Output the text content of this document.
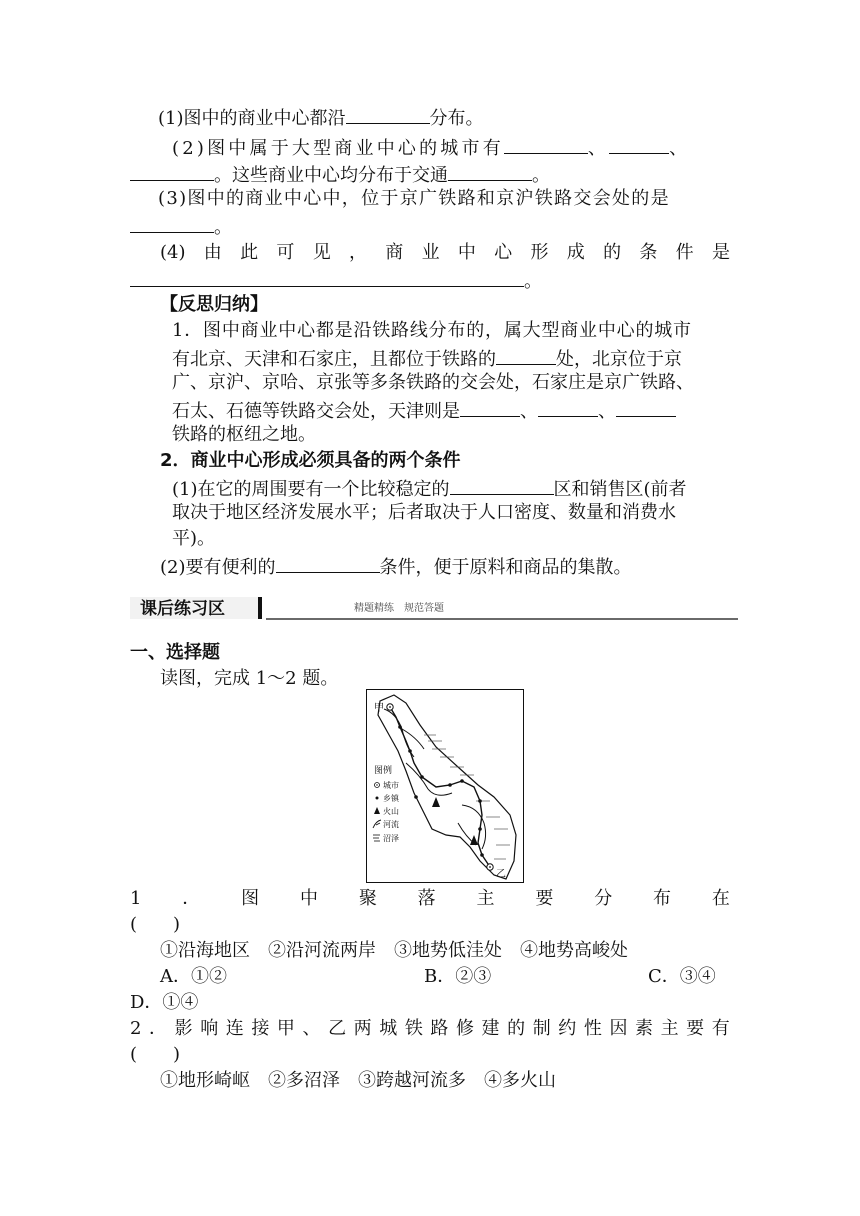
(1)图中的商业中心都沿	分布。
(2)图中属于大型商业中心的城市有	、	、
。这些商业中心均分布于交通	。
(3)图中的商业中心中，位于京广铁路和京沪铁路交会处的是
。
(4) 由 此 可 见 ， 商 业 中 心 形 成 的 条 件 是
。
【反思归纳】
1．图中商业中心都是沿铁路线分布的，属大型商业中心的城市
有北京、天津和石家庄，且都位于铁路的	处，北京位于京
广、京沪、京哈、京张等多条铁路的交会处，石家庄是京广铁路、
石太、石德等铁路交会处，天津则是	、	、
铁路的枢纽之地。
2．商业中心形成必须具备的两个条件
(1)在它的周围要有一个比较稳定的	区和销售区(前者
取决于地区经济发展水平；后者取决于人口密度、数量和消费水
平)。
(2)要有便利的	条件，便于原料和商品的集散。
课后练习区	精题精练　规范答题
一、选择题
读图，完成 1～2 题。
甲
乙
图例
城市
乡镇
火山
河流
沼泽
1 ． 图 中 聚 落 主 要 分 布 在
(　　)
①沿海地区　②沿河流两岸　③地势低洼处　④地势高峻处
A．①②	B．②③	C．③④
D．①④
2 ． 影 响 连 接 甲 、 乙 两 城 铁 路 修 建 的 制 约 性 因 素 主 要 有
(　　)
①地形崎岖　②多沼泽　③跨越河流多　④多火山
